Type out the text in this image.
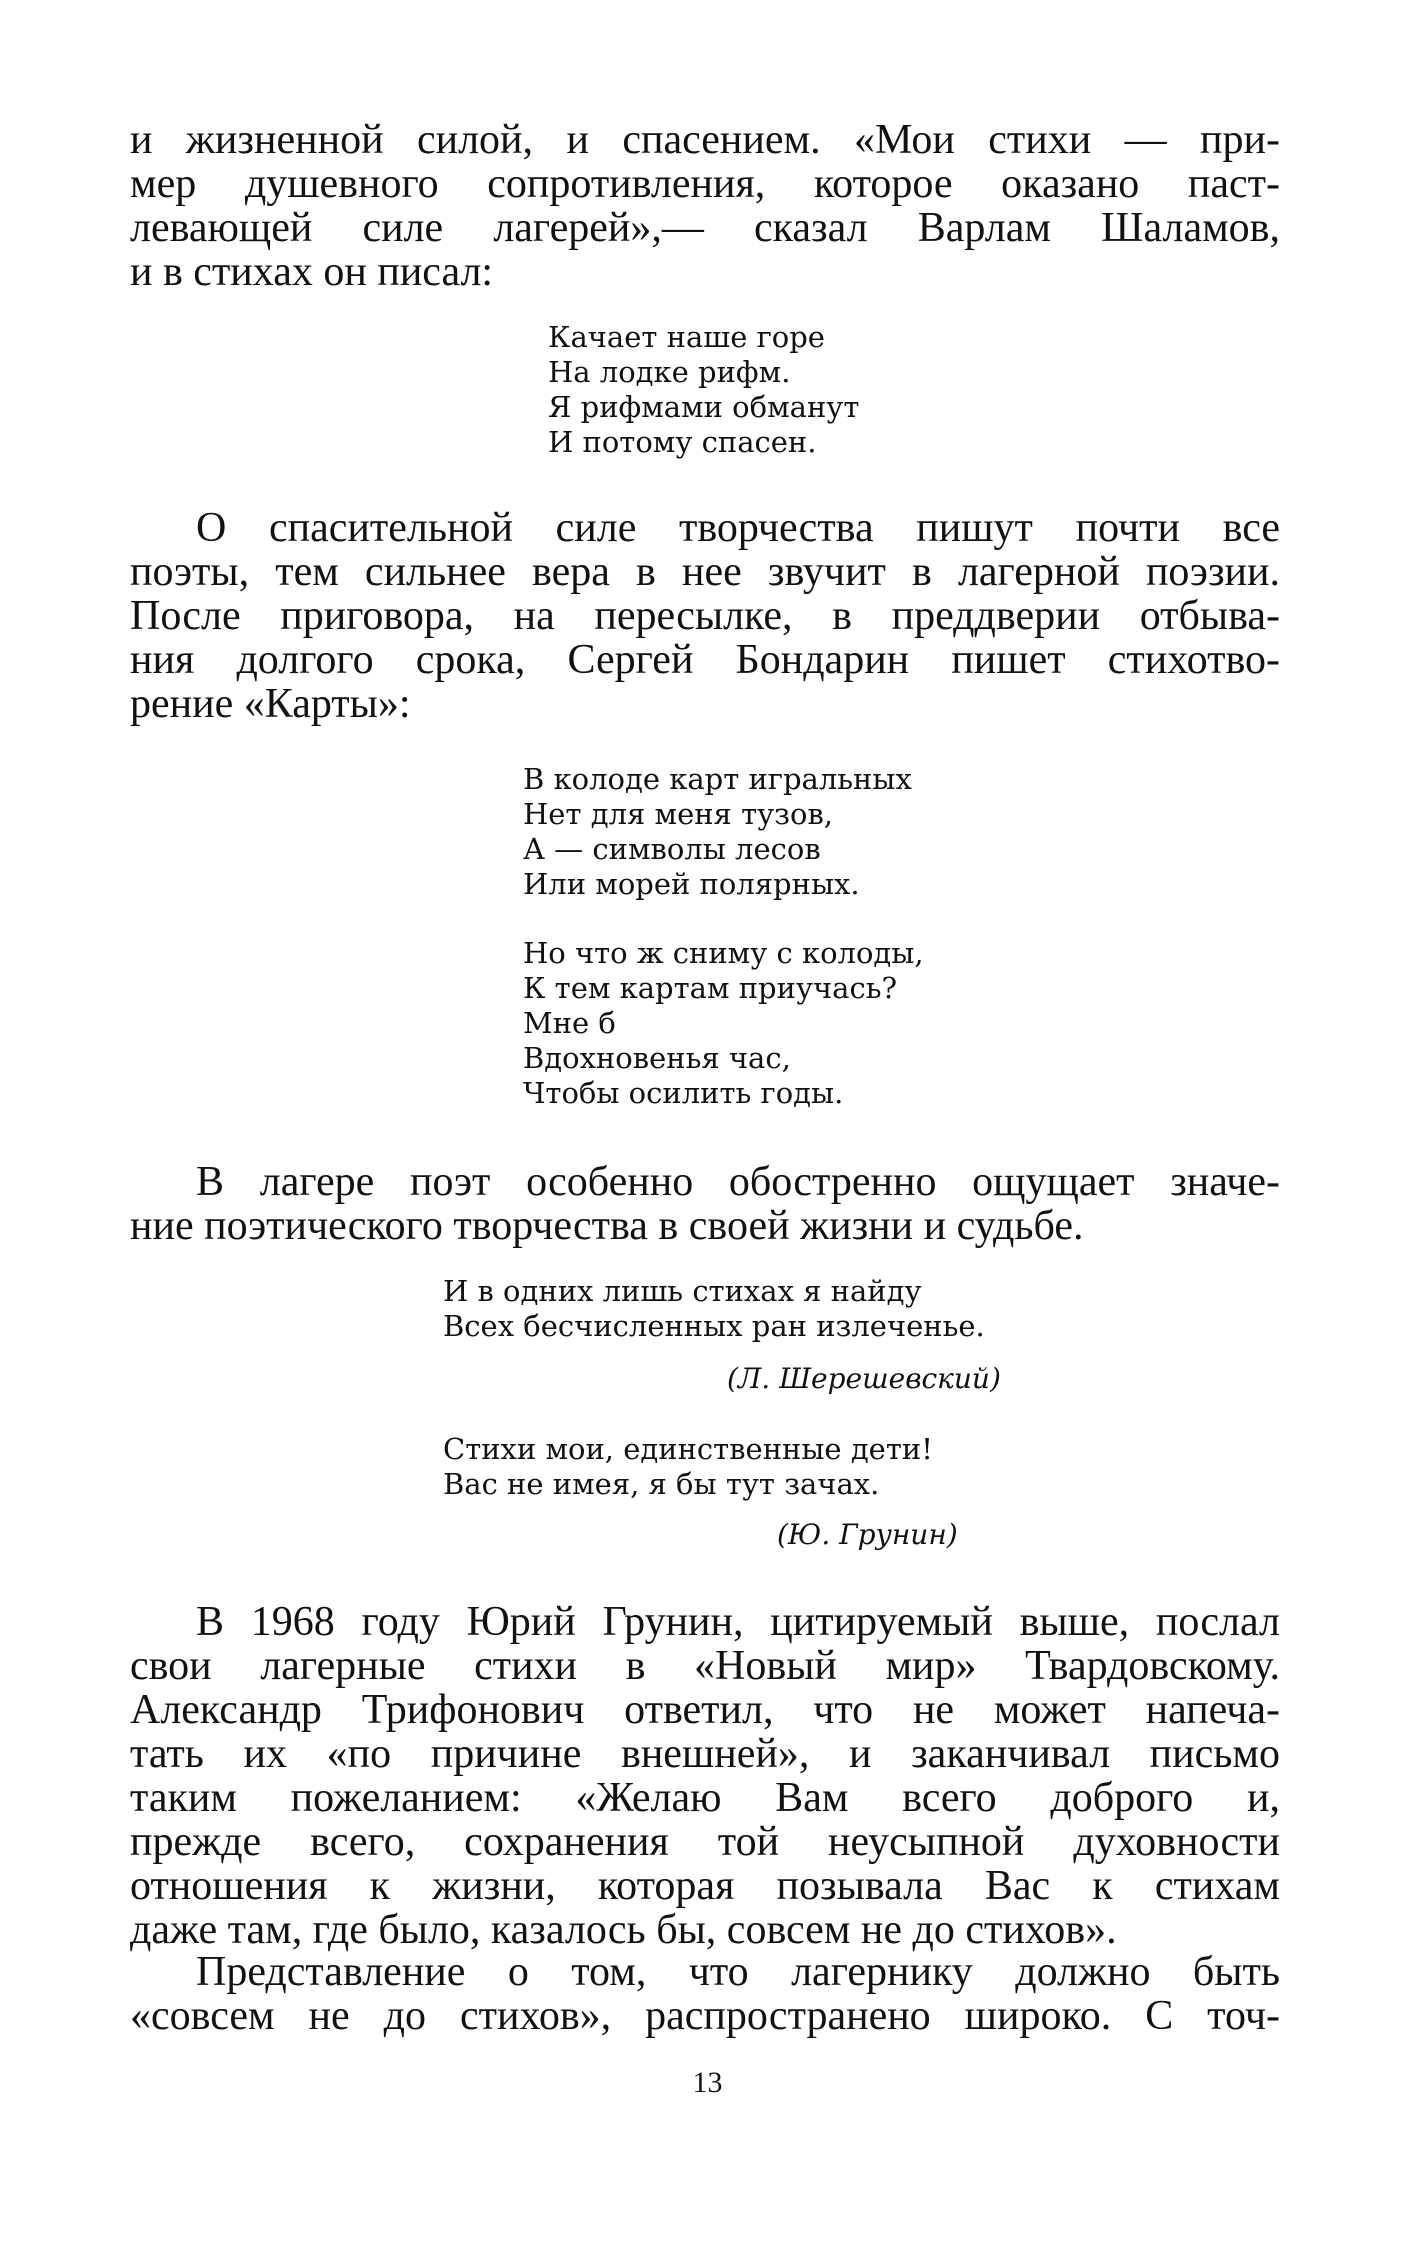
и жизненной силой, и спасением. «Мои стихи — при-
мер душевного сопротивления, которое оказано паст-
левающей силе лагерей»,— сказал Варлам Шаламов,
и в стихах он писал:
Качает наше горе
На лодке рифм.
Я рифмами обманут
И потому спасен.
О спасительной силе творчества пишут почти все
поэты, тем сильнее вера в нее звучит в лагерной поэзии.
После приговора, на пересылке, в преддверии отбыва-
ния долгого срока, Сергей Бондарин пишет стихотво-
рение «Карты»:
В колоде карт игральных
Нет для меня тузов,
А — символы лесов
Или морей полярных.
Но что ж сниму с колоды,
К тем картам приучась?
Мне б
Вдохновенья час,
Чтобы осилить годы.
В лагере поэт особенно обостренно ощущает значе-
ние поэтического творчества в своей жизни и судьбе.
И в одних лишь стихах я найду
Всех бесчисленных ран излеченье.
(Л. Шерешевский)
Стихи мои, единственные дети!
Вас не имея, я бы тут зачах.
(Ю. Грунин)
В 1968 году Юрий Грунин, цитируемый выше, послал
свои лагерные стихи в «Новый мир» Твардовскому.
Александр Трифонович ответил, что не может напеча-
тать их «по причине внешней», и заканчивал письмо
таким пожеланием: «Желаю Вам всего доброго и,
прежде всего, сохранения той неусыпной духовности
отношения к жизни, которая позывала Вас к стихам
даже там, где было, казалось бы, совсем не до стихов».
Представление о том, что лагернику должно быть
«совсем не до стихов», распространено широко. С точ-
13
